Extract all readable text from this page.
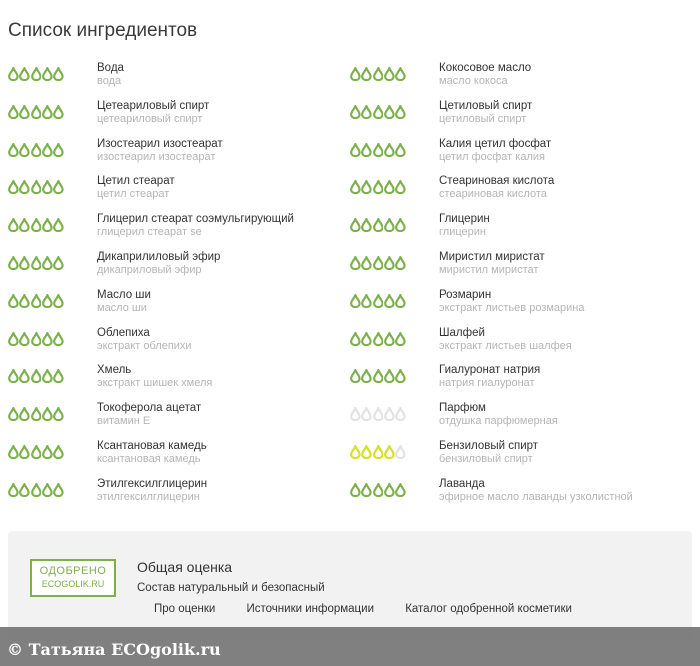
Список ингредиентов
Вода
вода
Цетеариловый спирт
цетеариловый спирт
Изостеарил изостеарат
изостеарил изостеарат
Цетил стеарат
цетил стеарат
Глицерил стеарат соэмульгирующий
глицерил стеарат se
Дикаприлиловый эфир
дикаприловый эфир
Масло ши
масло ши
Облепиха
экстракт облепихи
Хмель
экстракт шишек хмеля
Токоферола ацетат
витамин Е
Ксантановая камедь
ксантановая камедь
Этилгексилглицерин
этилгексилглицерин
Кокосовое масло
масло кокоса
Цетиловый спирт
цетиловый спирт
Калия цетил фосфат
цетил фосфат калия
Стеариновая кислота
стеариновая кислота
Глицерин
глицерин
Миристил миристат
миристил миристат
Розмарин
экстракт листьев розмарина
Шалфей
экстракт листьев шалфея
Гиалуронат натрия
натрия гиалуронат
Парфюм
отдушка парфюмерная
Бензиловый спирт
бензиловый спирт
Лаванда
эфирное масло лаванды узколистной
ОДОБРЕНО
ECOGOLIK.RU
Общая оценка
Состав натуральный и безопасный
Про оценки	Источники информации	Каталог одобренной косметики
© Татьяна ECOgolik.ru
